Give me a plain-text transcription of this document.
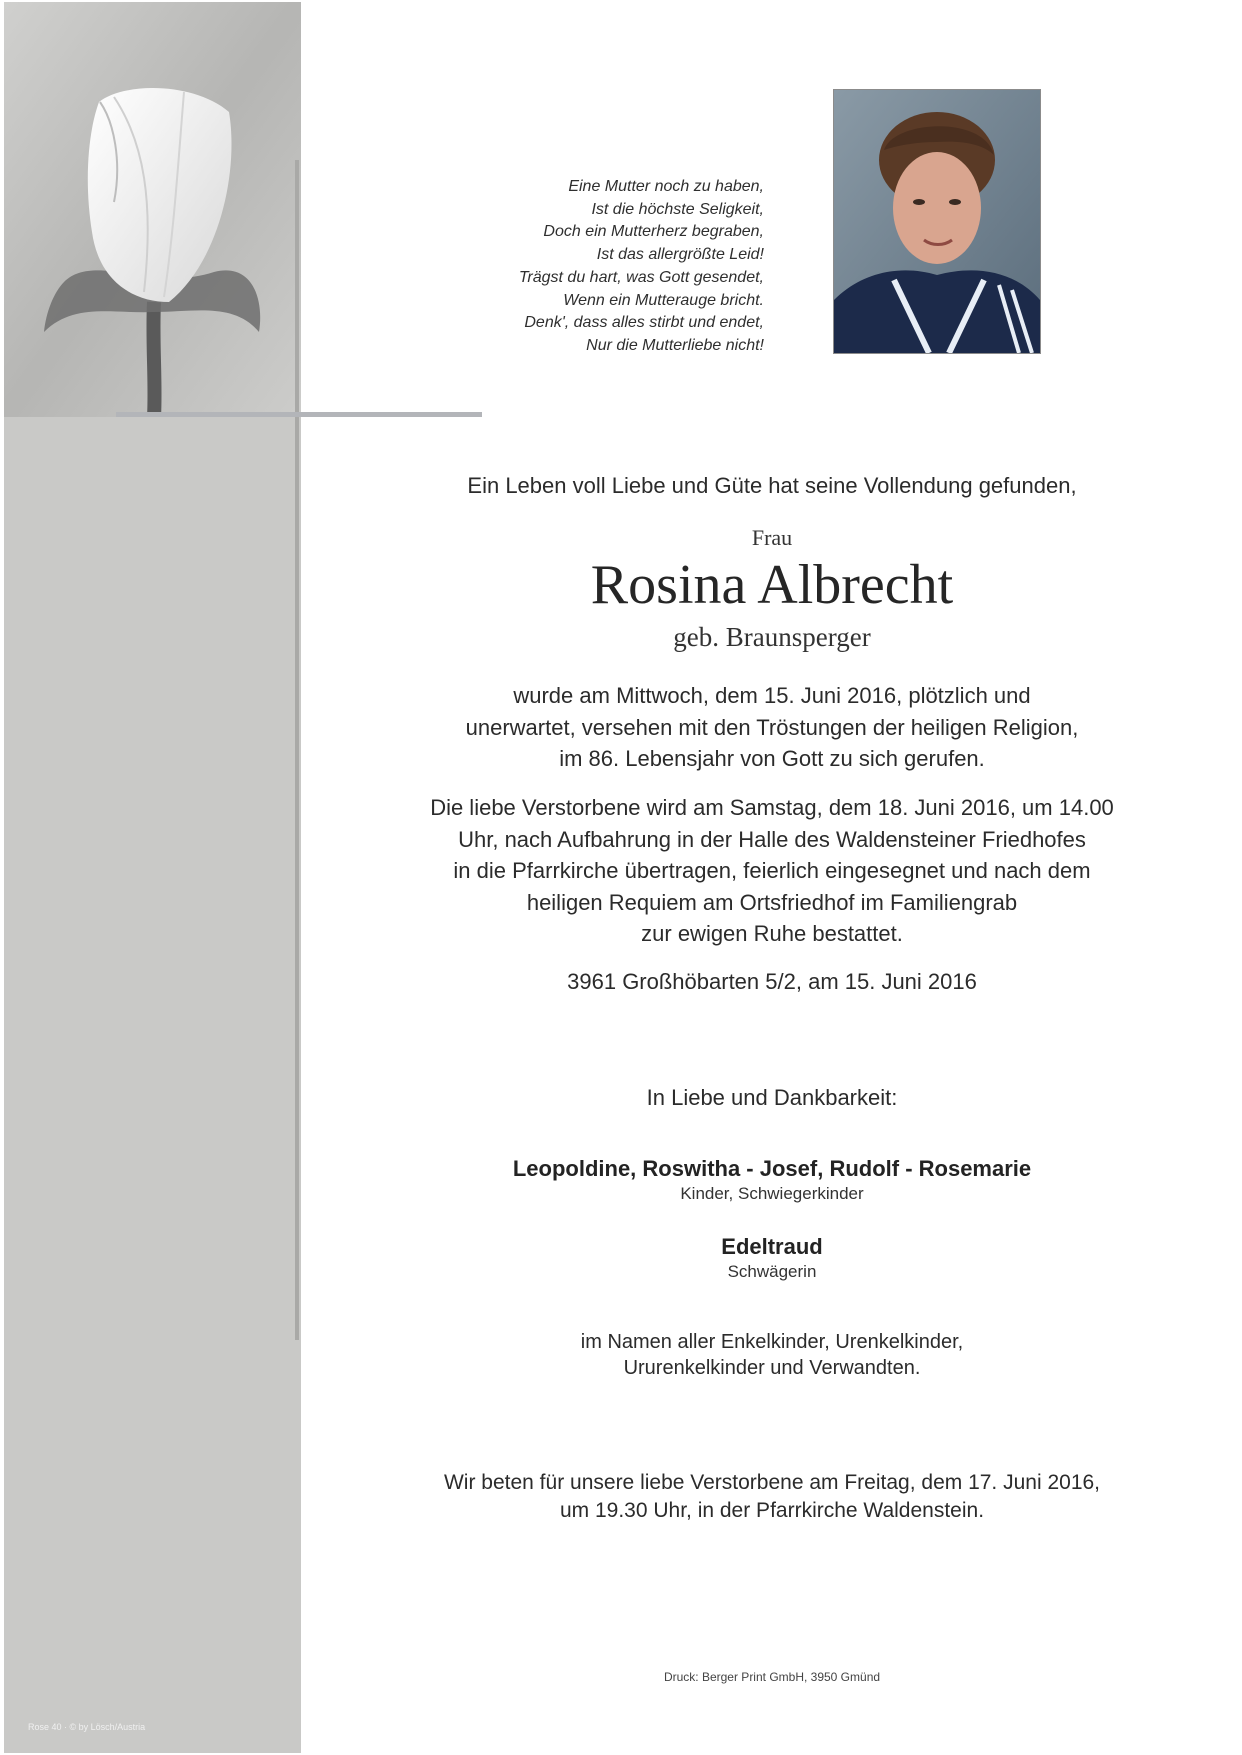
Rose 40 · © by Lösch/Austria
Eine Mutter noch zu haben,
Ist die höchste Seligkeit,
Doch ein Mutterherz begraben,
Ist das allergrößte Leid!
Trägst du hart, was Gott gesendet,
Wenn ein Mutterauge bricht.
Denk', dass alles stirbt und endet,
Nur die Mutterliebe nicht!
Ein Leben voll Liebe und Güte hat seine Vollendung gefunden,
Frau
Rosina Albrecht
geb. Braunsperger
wurde am Mittwoch, dem 15. Juni 2016, plötzlich und
unerwartet, versehen mit den Tröstungen der heiligen Religion,
im 86. Lebensjahr von Gott zu sich gerufen.
Die liebe Verstorbene wird am Samstag, dem 18. Juni 2016, um 14.00
Uhr, nach Aufbahrung in der Halle des Waldensteiner Friedhofes
in die Pfarrkirche übertragen, feierlich eingesegnet und nach dem
heiligen Requiem am Ortsfriedhof im Familiengrab
zur ewigen Ruhe bestattet.
3961 Großhöbarten 5/2, am 15. Juni 2016
In Liebe und Dankbarkeit:
Leopoldine, Roswitha - Josef, Rudolf - Rosemarie
Kinder, Schwiegerkinder
Edeltraud
Schwägerin
im Namen aller Enkelkinder, Urenkelkinder,
Ururenkelkinder und Verwandten.
Wir beten für unsere liebe Verstorbene am Freitag, dem 17. Juni 2016,
um 19.30 Uhr, in der Pfarrkirche Waldenstein.
Druck: Berger Print GmbH, 3950 Gmünd
